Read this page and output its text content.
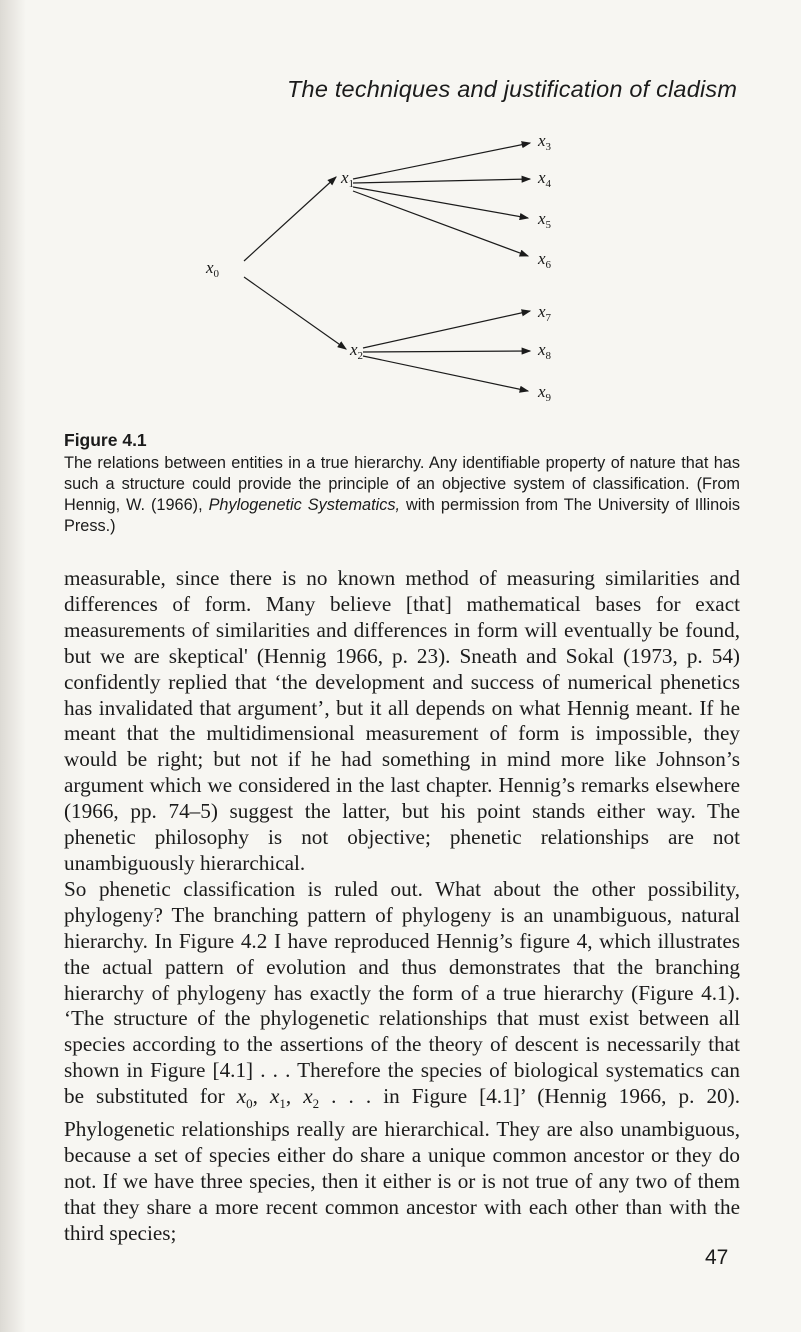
The techniques and justification of cladism
$x_0$
$x_1$
$x_2$
$x_3$
$x_4$
$x_5$
$x_6$
$x_7$
$x_8$
$x_9$
Figure 4.1
The relations between entities in a true hierarchy. Any identifiable property of nature that has such a structure could provide the principle of an objective system of classification. (From Hennig, W. (1966), Phylogenetic Systematics, with permission from The University of Illinois Press.)

measurable, since there is no known method of measuring similarities and differences of form. Many believe [that] mathematical bases for exact measurements of similarities and differences in form will eventually be found, but we are skeptical' (Hennig 1966, p. 23). Sneath and Sokal (1973, p. 54) confidently replied that ‘the development and success of numerical phenetics has invalidated that argument’, but it all depends on what Hennig meant. If he meant that the multidimensional measurement of form is impossible, they would be right; but not if he had something in mind more like Johnson’s argument which we considered in the last chapter. Hennig’s remarks elsewhere (1966, pp. 74–5) suggest the latter, but his point stands either way. The phenetic philosophy is not objective; phenetic relationships are not unambiguously hierarchical.

So phenetic classification is ruled out. What about the other possibility, phylogeny? The branching pattern of phylogeny is an unambiguous, natural hierarchy. In Figure 4.2 I have reproduced Hennig’s figure 4, which illustrates the actual pattern of evolution and thus demonstrates that the branching hierarchy of phylogeny has exactly the form of a true hierarchy (Figure 4.1). ‘The structure of the phylogenetic relationships that must exist between all species according to the assertions of the theory of descent is necessarily that shown in Figure [4.1] . . . Therefore the species of biological systematics can be substituted for $x_0$, $x_1$, $x_2$ . . . in Figure [4.1]’ (Hennig 1966, p. 20). Phylogenetic relationships really are hierarchical. They are also unambiguous, because a set of species either do share a unique common ancestor or they do not. If we have three species, then it either is or is not true of any two of them that they share a more recent common ancestor with each other than with the third species;

47
